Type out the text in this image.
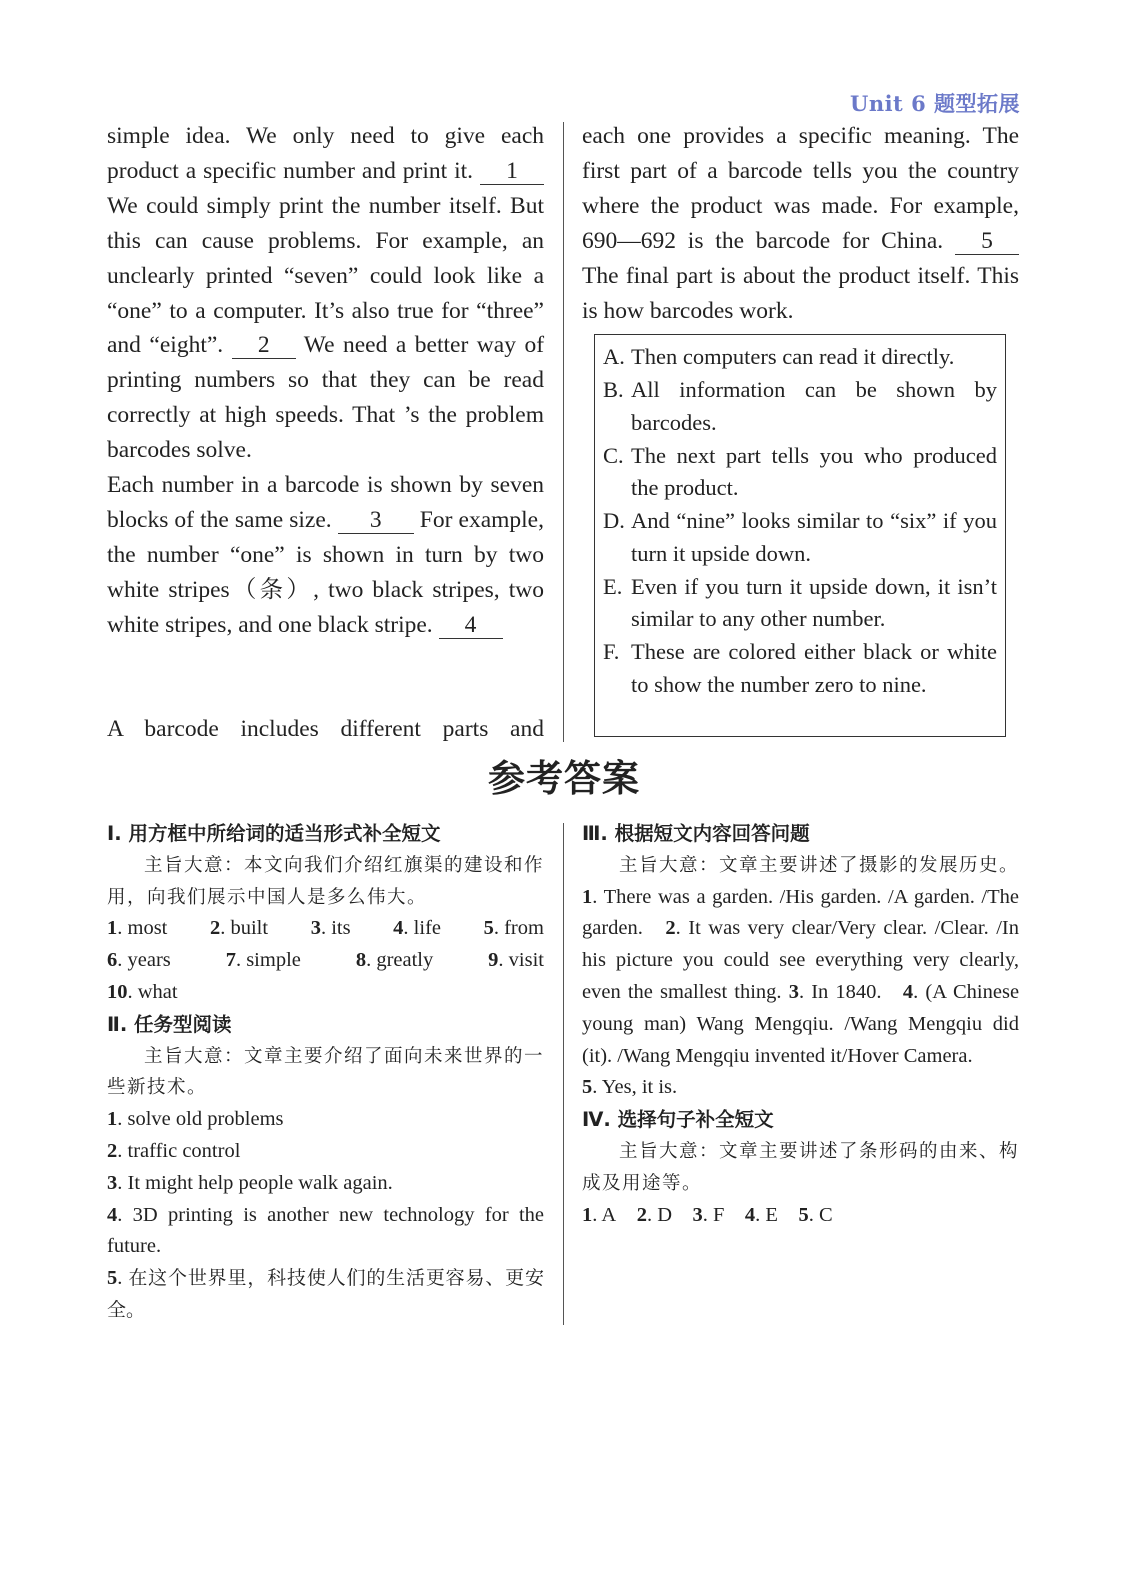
Unit 6 题型拓展

simple idea. We only need to give each product a specific number and print it. 1 We could simply print the number itself. But this can cause problems. For example, an unclearly printed “seven” could look like a “one” to a computer. It’s also true for “three” and “eight”. 2 We need a better way of printing numbers so that they can be read correctly at high speeds. That ’s the problem barcodes solve.

Each number in a barcode is shown by seven blocks of the same size. 3 For example, the number “one” is shown in turn by two white stripes（条）, two black stripes, two white stripes, and one black stripe. 4

A barcode includes different parts and

each one provides a specific meaning. The first part of a barcode tells you the country where the product was made. For example, 690—692 is the barcode for China. 5 The final part is about the product itself. This is how barcodes work.

A. Then computers can read it directly.
B. All information can be shown by barcodes.
C. The next part tells you who produced the product.
D. And “nine” looks similar to “six” if you turn it upside down.
E. Even if you turn it upside down, it isn’t similar to any other number.
F. These are colored either black or white to show the number zero to nine.
参考答案
Ⅰ. 用方框中所给词的适当形式补全短文
主旨大意：本文向我们介绍红旗渠的建设和作用，向我们展示中国人是多么伟大。
1. most 2. built 3. its 4. life 5. from
6. years	7. simple	8. greatly	9. visit
10. what
Ⅱ. 任务型阅读
主旨大意：文章主要介绍了面向未来世界的一些新技术。
1. solve old problems
2. traffic control
3. It might help people walk again.
4. 3D printing is another new technology for the future.
5. 在这个世界里，科技使人们的生活更容易、更安全。
Ⅲ. 根据短文内容回答问题
主旨大意：文章主要讲述了摄影的发展历史。
1. There was a garden. /His garden. /A garden. /The garden. 2. It was very clear/Very clear. /Clear. /In his picture you could see everything very clearly, even the smallest thing. 3. In 1840. 4. (A Chinese young man) Wang Mengqiu. /Wang Mengqiu did (it). /Wang Mengqiu invented it/Hover Camera.
5. Yes, it is.
Ⅳ. 选择句子补全短文
主旨大意：文章主要讲述了条形码的由来、构成及用途等。
1. A 2. D 3. F 4. E 5. C
